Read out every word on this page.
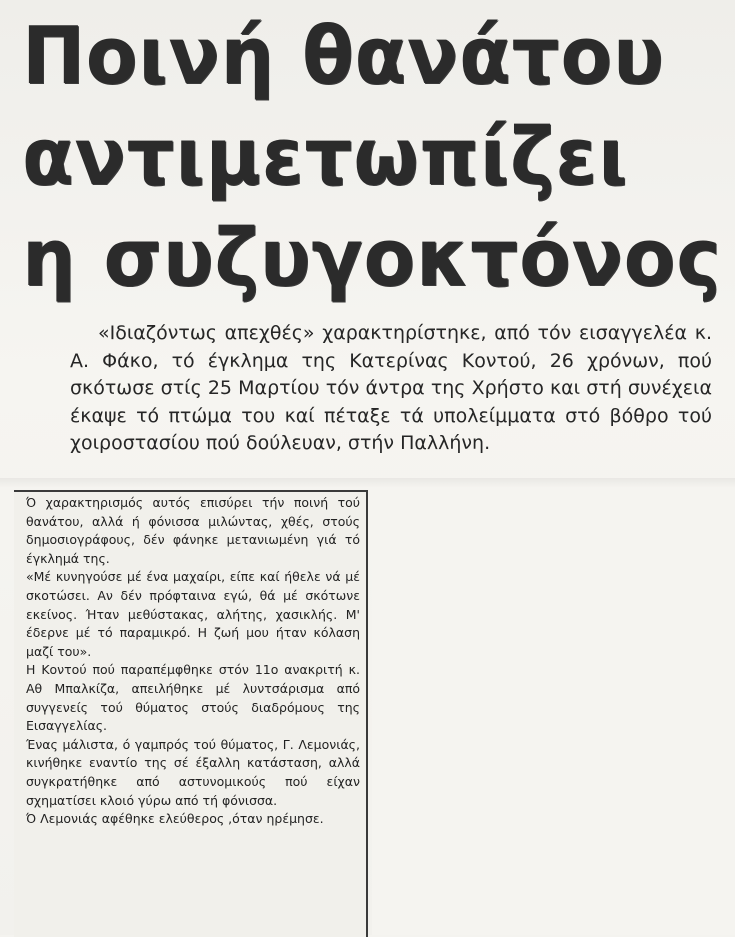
Ποινή θανάτου
αντιμετωπίζει
η συζυγοκτόνος
«Ιδιαζόντως απεχθές» χαρακτηρίστηκε, από τόν εισαγγελέα κ. Α. Φάκο, τό έγκλημα της Κατερίνας Κοντού, 26 χρόνων, πού σκότωσε στίς 25 Μαρτίου τόν άντρα της Χρήστο και στή συνέχεια έκαψε τό πτώμα του καί πέταξε τά υπολείμματα στό βόθρο τού χοιροστασίου πού δούλευαν, στήν Παλλήνη.

Ό χαρακτηρισμός αυτός επισύρει τήν ποινή τού θανάτου, αλλά ή φόνισσα μιλώντας, χθές, στούς δημοσιογράφους, δέν φάνηκε μετανιωμένη γιά τό έγκλημά της.

«Μέ κυνηγούσε μέ ένα μαχαίρι, είπε καί ήθελε νά μέ σκοτώσει. Αν δέν πρόφταινα εγώ, θά μέ σκότωνε εκείνος. Ήταν μεθύστακας, αλήτης, χασικλής. Μ' έδερνε μέ τό παραμικρό. Η ζωή μου ήταν κόλαση μαζί του».

Η Κοντού πού παραπέμφθηκε στόν 11ο ανακριτή κ. Αθ Μπαλκίζα, απειλήθηκε μέ λυντσάρισμα από συγγενείς τού θύματος στούς διαδρόμους της Εισαγγελίας.

Ένας μάλιστα, ό γαμπρός τού θύματος, Γ. Λεμονιάς, κινήθηκε εναντίο της σέ έξαλλη κατάσταση, αλλά συγκρατήθηκε από αστυνομικούς πού είχαν σχηματίσει κλοιό γύρω από τή φόνισσα.

Ό Λεμονιάς αφέθηκε ελεύθερος ,όταν ηρέμησε.
